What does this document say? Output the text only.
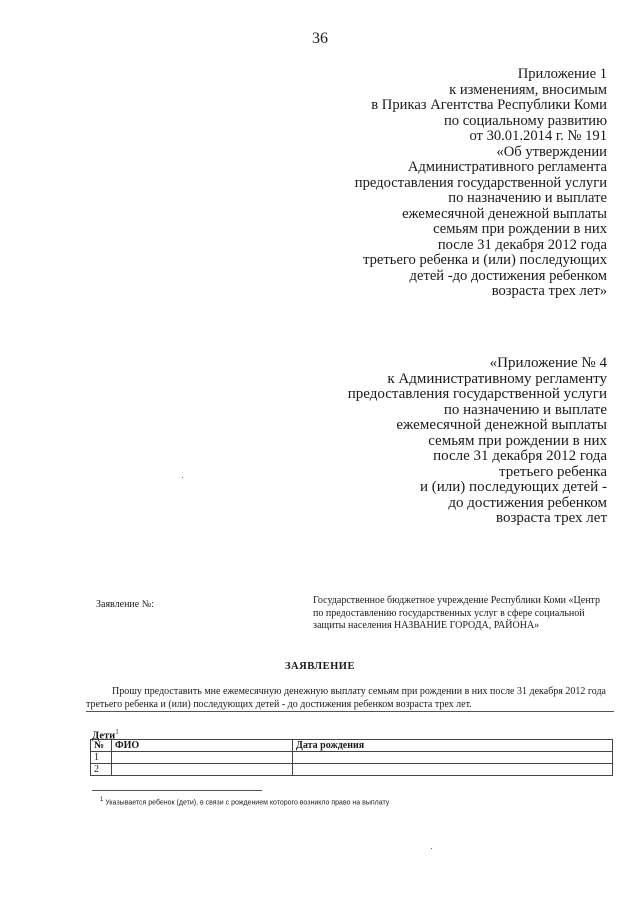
36
Приложение 1
к изменениям, вносимым
в Приказ Агентства Республики Коми
по социальному развитию
от 30.01.2014 г. № 191
«Об утверждении
Административного регламента
предоставления государственной услуги
по назначению и выплате
ежемесячной денежной выплаты
семьям при рождении в них
после 31 декабря 2012 года
третьего ребенка и (или) последующих
детей -до достижения ребенком
возраста трех лет»
«Приложение № 4
к Административному регламенту
предоставления государственной услуги
по назначению и выплате
ежемесячной денежной выплаты
семьям при рождении в них
после 31 декабря 2012 года
третьего ребенка
и (или) последующих детей -
до достижения ребенком
возраста трех лет
Заявление №:	Государственное бюджетное учреждение Республики Коми «Центр по предоставлению государственных услуг в сфере социальной защиты населения НАЗВАНИЕ ГОРОДА, РАЙОНА»
ЗАЯВЛЕНИЕ
Прошу предоставить мне ежемесячную денежную выплату семьям при рождении в них после 31 декабря 2012 года третьего ребенка и (или) последующих детей - до достижения ребенком возраста трех лет.
Дети$^1$
№	ФИО	Дата рождения
1		
2		
$^1$ Указывается ребенок (дети), в связи с рождением которого возникло право на выплату
